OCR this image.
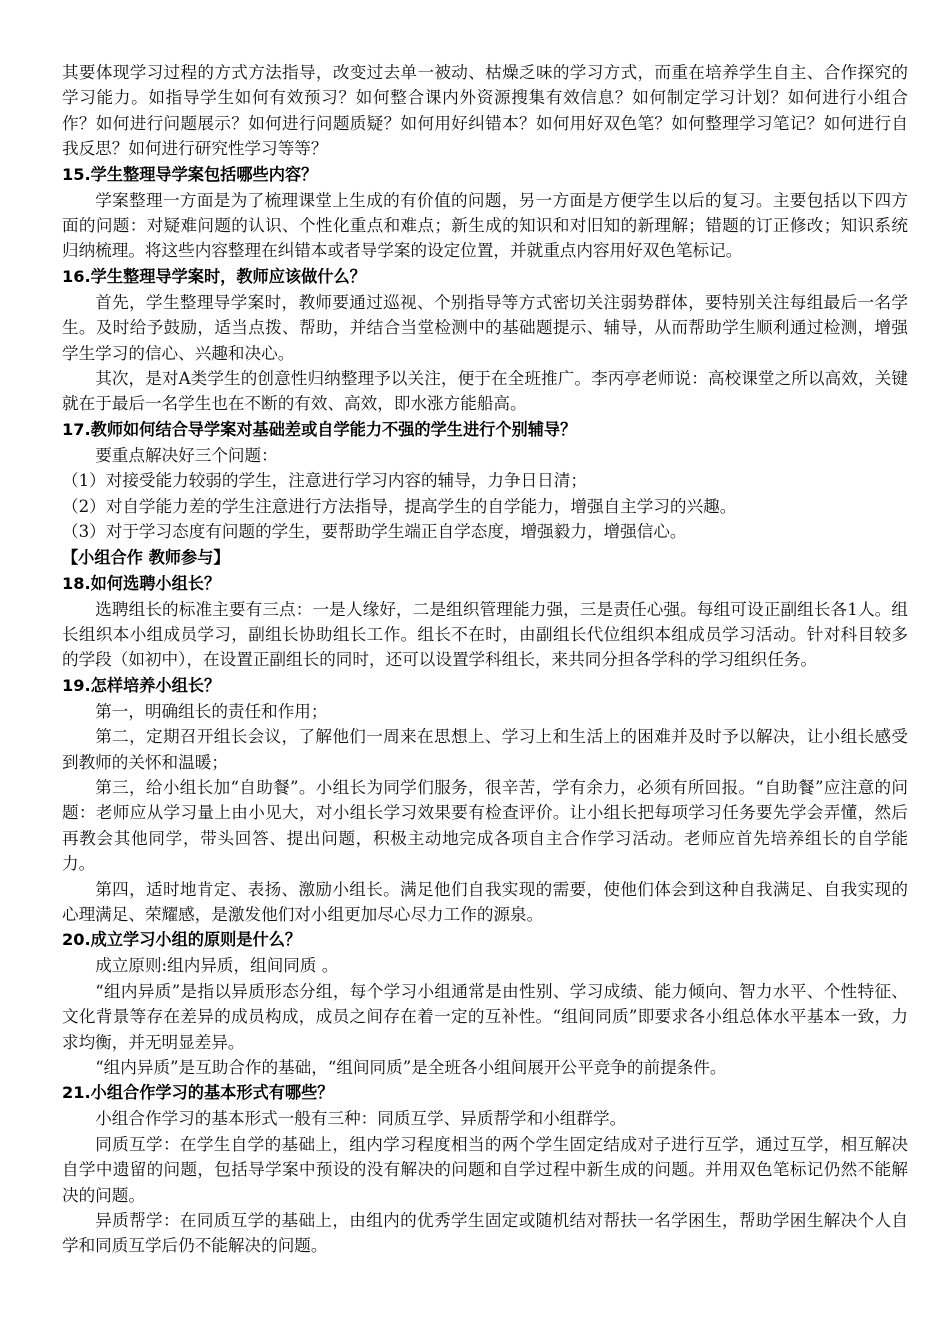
其要体现学习过程的方式方法指导，改变过去单一被动、枯燥乏味的学习方式，而重在培养学生自主、合作探究的学习能力。如指导学生如何有效预习？如何整合课内外资源搜集有效信息？如何制定学习计划？如何进行小组合作？如何进行问题展示？如何进行问题质疑？如何用好纠错本？如何用好双色笔？如何整理学习笔记？如何进行自我反思？如何进行研究性学习等等？

15.学生整理导学案包括哪些内容？

学案整理一方面是为了梳理课堂上生成的有价值的问题，另一方面是方便学生以后的复习。主要包括以下四方面的问题：对疑难问题的认识、个性化重点和难点；新生成的知识和对旧知的新理解；错题的订正修改；知识系统归纳梳理。将这些内容整理在纠错本或者导学案的设定位置，并就重点内容用好双色笔标记。

16.学生整理导学案时，教师应该做什么？

首先，学生整理导学案时，教师要通过巡视、个别指导等方式密切关注弱势群体，要特别关注每组最后一名学生。及时给予鼓励，适当点拨、帮助，并结合当堂检测中的基础题提示、辅导，从而帮助学生顺利通过检测，增强学生学习的信心、兴趣和决心。

其次，是对A类学生的创意性归纳整理予以关注，便于在全班推广。李丙亭老师说：高校课堂之所以高效，关键就在于最后一名学生也在不断的有效、高效，即水涨方能船高。

17.教师如何结合导学案对基础差或自学能力不强的学生进行个别辅导？

要重点解决好三个问题：

（1）对接受能力较弱的学生，注意进行学习内容的辅导，力争日日清；

（2）对自学能力差的学生注意进行方法指导，提高学生的自学能力，增强自主学习的兴趣。

（3）对于学习态度有问题的学生，要帮助学生端正自学态度，增强毅力，增强信心。

【小组合作 教师参与】

18.如何选聘小组长？

选聘组长的标准主要有三点：一是人缘好，二是组织管理能力强，三是责任心强。每组可设正副组长各1人。组长组织本小组成员学习，副组长协助组长工作。组长不在时，由副组长代位组织本组成员学习活动。针对科目较多的学段（如初中），在设置正副组长的同时，还可以设置学科组长，来共同分担各学科的学习组织任务。

19.怎样培养小组长？

第一，明确组长的责任和作用；

第二，定期召开组长会议，了解他们一周来在思想上、学习上和生活上的困难并及时予以解决，让小组长感受到教师的关怀和温暖；

第三，给小组长加“自助餐”。小组长为同学们服务，很辛苦，学有余力，必须有所回报。“自助餐”应注意的问题：老师应从学习量上由小见大，对小组长学习效果要有检查评价。让小组长把每项学习任务要先学会弄懂，然后再教会其他同学，带头回答、提出问题，积极主动地完成各项自主合作学习活动。老师应首先培养组长的自学能力。

第四，适时地肯定、表扬、激励小组长。满足他们自我实现的需要，使他们体会到这种自我满足、自我实现的心理满足、荣耀感，是激发他们对小组更加尽心尽力工作的源泉。

20.成立学习小组的原则是什么？

成立原则:组内异质，组间同质 。

“组内异质”是指以异质形态分组，每个学习小组通常是由性别、学习成绩、能力倾向、智力水平、个性特征、文化背景等存在差异的成员构成，成员之间存在着一定的互补性。“组间同质”即要求各小组总体水平基本一致，力求均衡，并无明显差异。

“组内异质”是互助合作的基础，“组间同质”是全班各小组间展开公平竞争的前提条件。

21.小组合作学习的基本形式有哪些？

小组合作学习的基本形式一般有三种：同质互学、异质帮学和小组群学。

同质互学：在学生自学的基础上，组内学习程度相当的两个学生固定结成对子进行互学，通过互学，相互解决自学中遗留的问题，包括导学案中预设的没有解决的问题和自学过程中新生成的问题。并用双色笔标记仍然不能解决的问题。

异质帮学：在同质互学的基础上，由组内的优秀学生固定或随机结对帮扶一名学困生，帮助学困生解决个人自学和同质互学后仍不能解决的问题。
